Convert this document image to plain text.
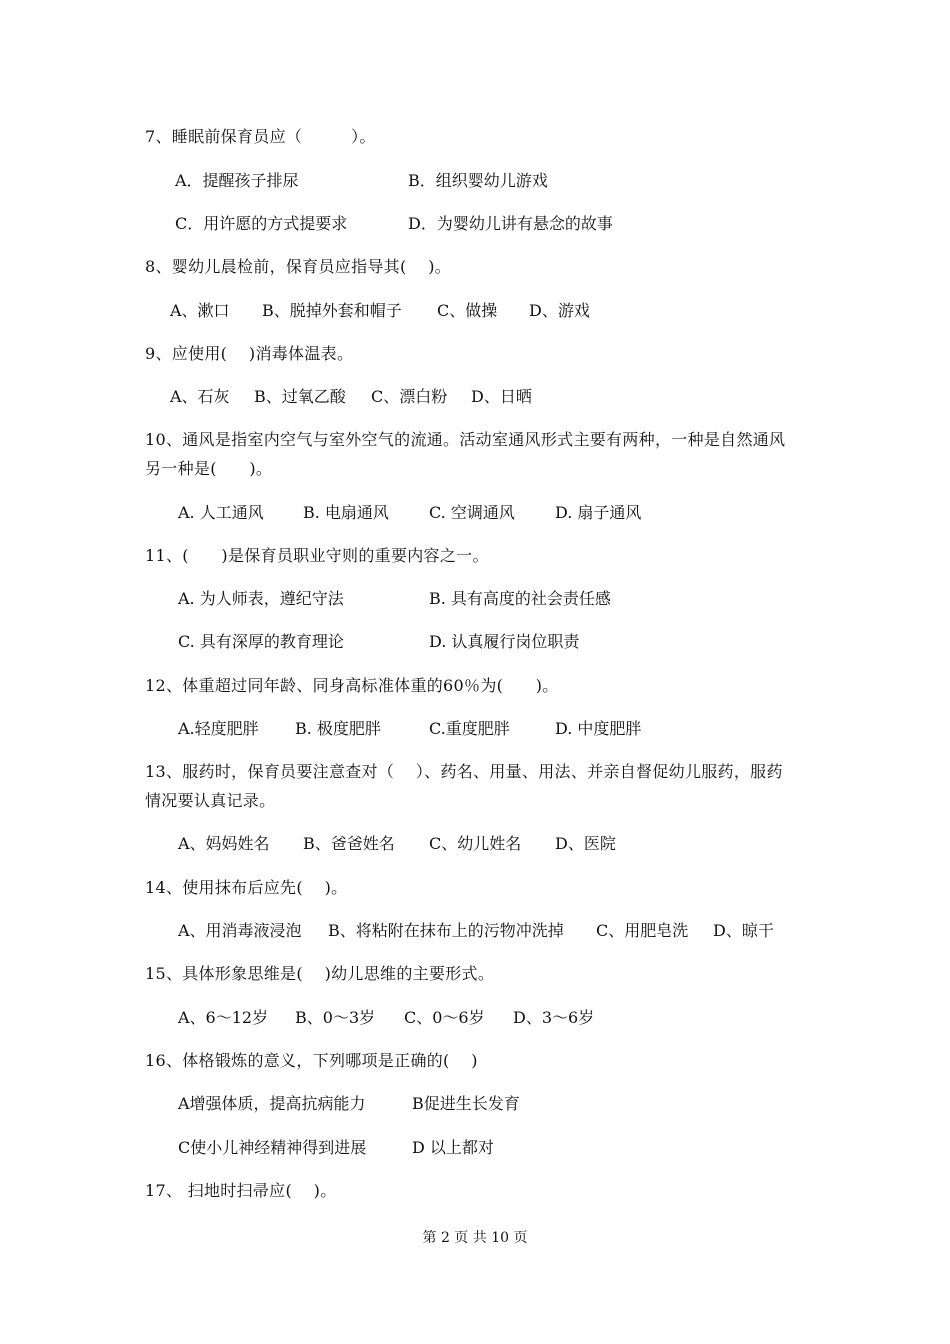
7、睡眠前保育员应（　　　）。
A．提醒孩子排尿	B．组织婴幼儿游戏
C．用许愿的方式提要求	D．为婴幼儿讲有悬念的故事
8、婴幼儿晨检前，保育员应指导其(　 )。
A、漱口 B、脱掉外套和帽子 C、做操 D、游戏
9、应使用(　 )消毒体温表。
A、石灰 B、过氧乙酸 C、漂白粉 D、日晒
10、通风是指室内空气与室外空气的流通。活动室通风形式主要有两种，一种是自然通风
另一种是(　　)。
A. 人工通风 B. 电扇通风	C. 空调通风	D. 扇子通风
11、(　　)是保育员职业守则的重要内容之一。
A. 为人师表，遵纪守法	B. 具有高度的社会责任感
C. 具有深厚的教育理论	D. 认真履行岗位职责
12、体重超过同年龄、同身高标准体重的60％为(　　)。
A.轻度肥胖 B. 极度肥胖	C.重度肥胖	D. 中度肥胖
13、服药时，保育员要注意查对（　 ）、药名、用量、用法、并亲自督促幼儿服药，服药
情况要认真记录。
A、妈妈姓名 B、爸爸姓名 C、幼儿姓名 D、医院
14、使用抹布后应先(　 )。
A、用消毒液浸泡 B、将粘附在抹布上的污物冲洗掉 C、用肥皂洗 D、晾干
15、具体形象思维是(　 )幼儿思维的主要形式。
A、6～12岁 B、0～3岁 C、0～6岁 D、3～6岁
16、体格锻炼的意义，下列哪项是正确的(　 )
A增强体质，提高抗病能力	B促进生长发育
C使小儿神经精神得到进展	D 以上都对
17、 扫地时扫帚应(　 )。
第 2 页 共 10 页
